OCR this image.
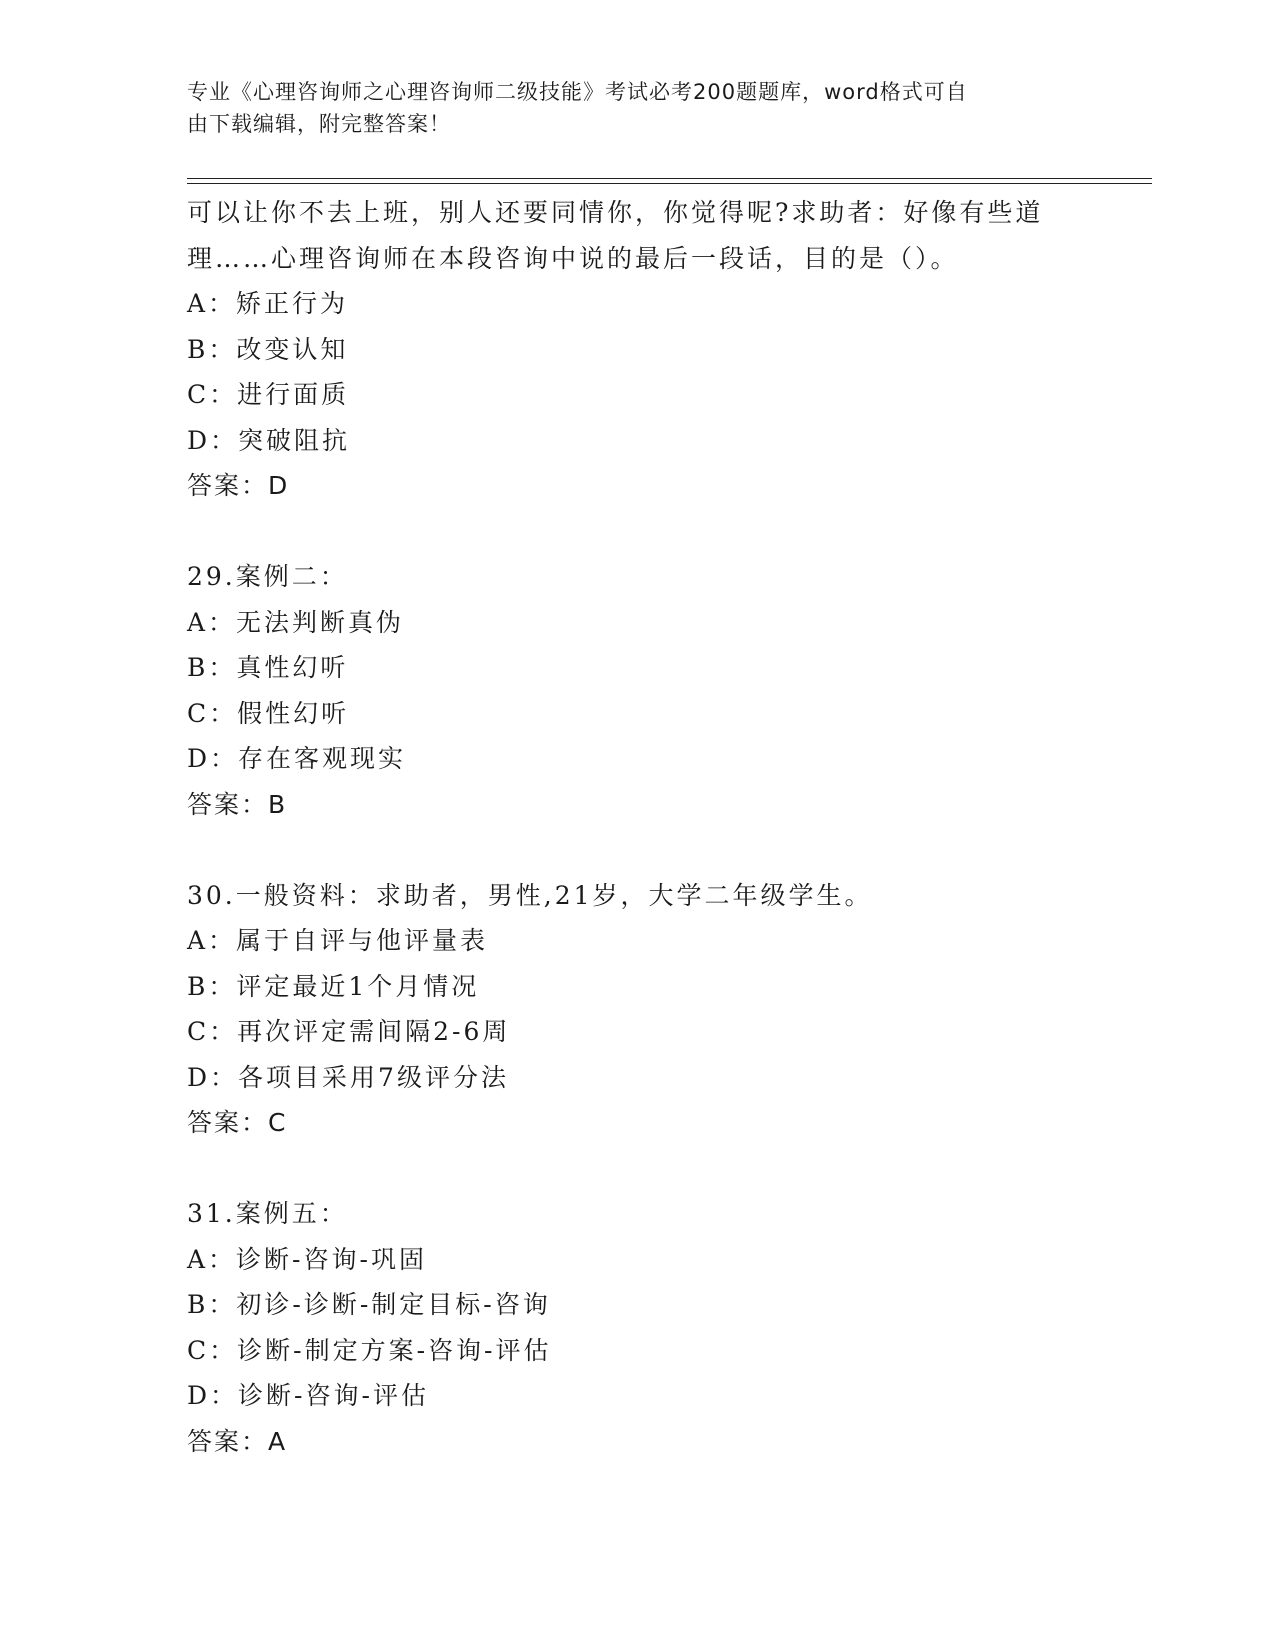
专业《心理咨询师之心理咨询师二级技能》考试必考200题题库，word格式可自
由下载编辑，附完整答案！
可以让你不去上班，别人还要同情你，你觉得呢?求助者：好像有些道
理……心理咨询师在本段咨询中说的最后一段话，目的是（）。
A：矫正行为
B：改变认知
C：进行面质
D：突破阻抗
答案：D
29.案例二：
A：无法判断真伪
B：真性幻听
C：假性幻听
D：存在客观现实
答案：B
30.一般资料：求助者，男性,21岁，大学二年级学生。
A：属于自评与他评量表
B：评定最近1个月情况
C：再次评定需间隔2-6周
D：各项目采用7级评分法
答案：C
31.案例五：
A：诊断-咨询-巩固
B：初诊-诊断-制定目标-咨询
C：诊断-制定方案-咨询-评估
D：诊断-咨询-评估
答案：A
